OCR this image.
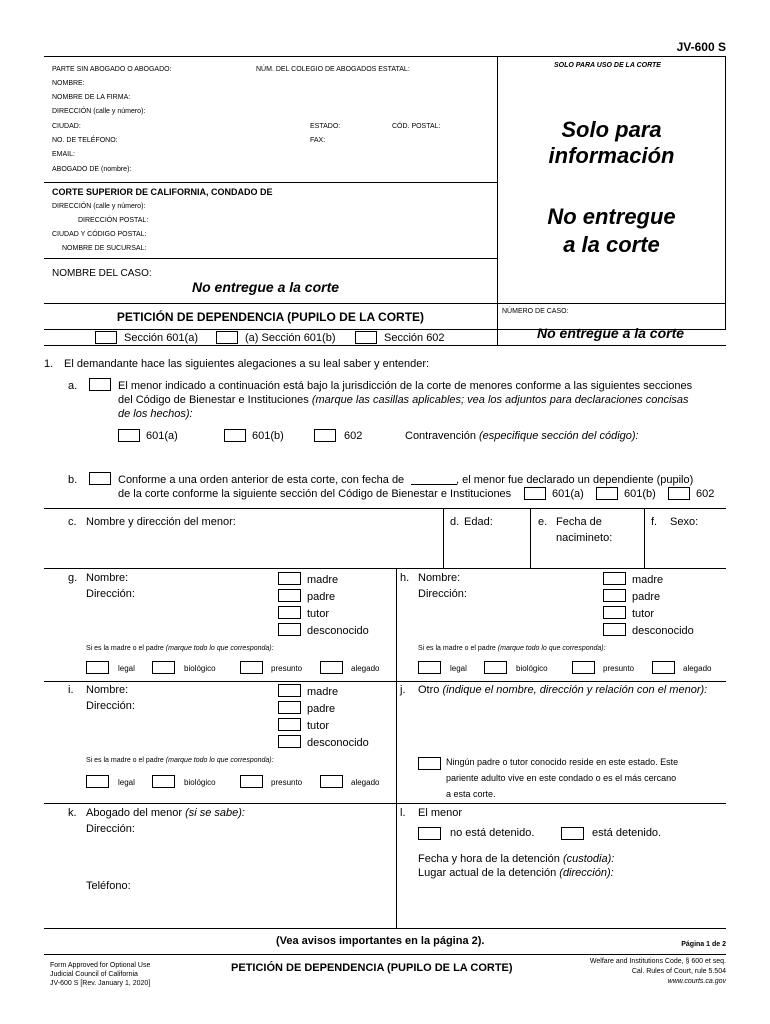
JV-600 S
PARTE SIN ABOGADO O ABOGADO:	NÚM. DEL COLEGIO DE ABOGADOS ESTATAL:
NOMBRE:
NOMBRE DE LA FIRMA:
DIRECCIÓN (calle y número):
CIUDAD:	ESTADO:	CÓD. POSTAL:
NO. DE TELÉFONO:	FAX:
EMAIL:
ABOGADO DE (nombre):
SOLO PARA USO DE LA CORTE
Solo para
información
No entregue
a la corte
CORTE SUPERIOR DE CALIFORNIA, CONDADO DE
DIRECCIÓN (calle y número):
DIRECCIÓN POSTAL:
CIUDAD Y CÓDIGO POSTAL:
NOMBRE DE SUCURSAL:
NOMBRE DEL CASO:
No entregue a la corte
PETICIÓN DE DEPENDENCIA (PUPILO DE LA CORTE)
Sección 601(a)	(a) Sección 601(b)	Sección 602
NÚMERO DE CASO:
No entregue a la corte
1. El demandante hace las siguientes alegaciones a su leal saber y entender:
a.	El menor indicado a continuación está bajo la jurisdicción de la corte de menores conforme a las siguientes secciones
del Código de Bienestar e Instituciones (marque las casillas aplicables; vea los adjuntos para declaraciones concisas
de los hechos):
601(a)	601(b)	602	Contravención (especifique sección del código):
b.	Conforme a una orden anterior de esta corte, con fecha de	, el menor fue declarado un dependiente (pupilo)
de la corte conforme la siguiente sección del Código de Bienestar e Instituciones	601(a)	601(b)	602
c. Nombre y dirección del menor:	d. Edad:	e. Fecha de
nacimineto:
f. Sexo:
g. Nombre:
Dirección:
madre
padre
tutor
desconocido
Si es la madre o el padre (marque todo lo que corresponda):
legal	biológico	presunto	alegado
h. Nombre:
Dirección:
madre
padre
tutor
desconocido
Si es la madre o el padre (marque todo lo que corresponda):
legal	biológico	presunto	alegado
i. Nombre:
Dirección:
madre
padre
tutor
desconocido
Si es la madre o el padre (marque todo lo que corresponda):
legal	biológico	presunto	alegado
j. Otro (indique el nombre, dirección y relación con el menor):
Ningún padre o tutor conocido reside en este estado. Este
pariente adulto vive en este condado o es el más cercano
a esta corte.
k. Abogado del menor (si se sabe):
Dirección:
Teléfono:
l. El menor
no está detenido.	está detenido.
Fecha y hora de la detención (custodia):
Lugar actual de la detención (dirección):
(Vea avisos importantes en la página 2).	Página 1 de 2
Form Approved for Optional Use
Judicial Council of California
JV-600 S [Rev. January 1, 2020]
PETICIÓN DE DEPENDENCIA (PUPILO DE LA CORTE)
Welfare and Institutions Code, § 600 et seq.
Cal. Rules of Court, rule 5.504
www.courts.ca.gov
